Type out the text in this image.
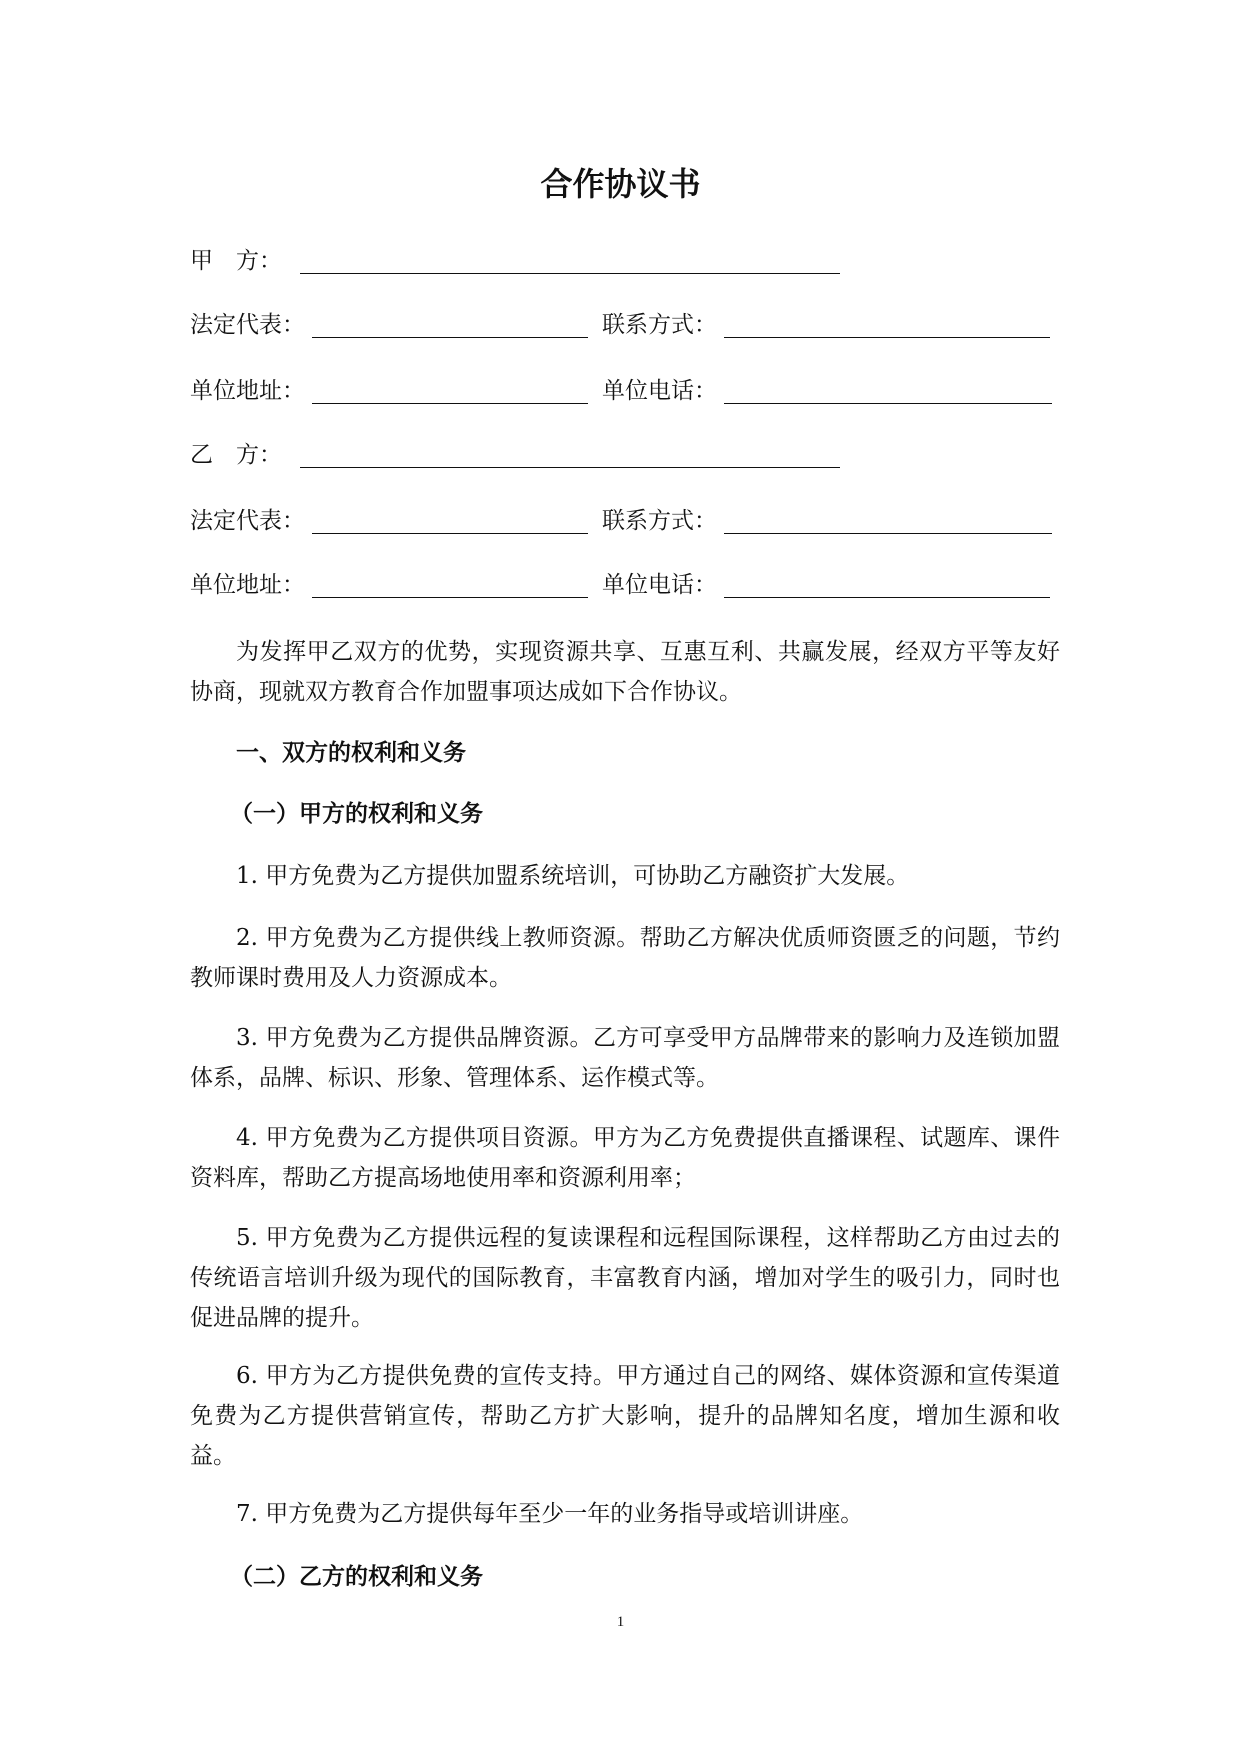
合作协议书
甲　方：
法定代表：	联系方式：
单位地址：	单位电话：
乙　方：
法定代表：	联系方式：
单位地址：	单位电话：

为发挥甲乙双方的优势，实现资源共享、互惠互利、共赢发展，经双方平等友好协商，现就双方教育合作加盟事项达成如下合作协议。

一、双方的权利和义务
（一）甲方的权利和义务

1. 甲方免费为乙方提供加盟系统培训，可协助乙方融资扩大发展。

2. 甲方免费为乙方提供线上教师资源。帮助乙方解决优质师资匮乏的问题，节约教师课时费用及人力资源成本。

3. 甲方免费为乙方提供品牌资源。乙方可享受甲方品牌带来的影响力及连锁加盟体系，品牌、标识、形象、管理体系、运作模式等。

4. 甲方免费为乙方提供项目资源。甲方为乙方免费提供直播课程、试题库、课件资料库，帮助乙方提高场地使用率和资源利用率；

5. 甲方免费为乙方提供远程的复读课程和远程国际课程，这样帮助乙方由过去的传统语言培训升级为现代的国际教育，丰富教育内涵，增加对学生的吸引力，同时也促进品牌的提升。

6. 甲方为乙方提供免费的宣传支持。甲方通过自己的网络、媒体资源和宣传渠道免费为乙方提供营销宣传，帮助乙方扩大影响，提升的品牌知名度，增加生源和收益。

7. 甲方免费为乙方提供每年至少一年的业务指导或培训讲座。

（二）乙方的权利和义务
1
